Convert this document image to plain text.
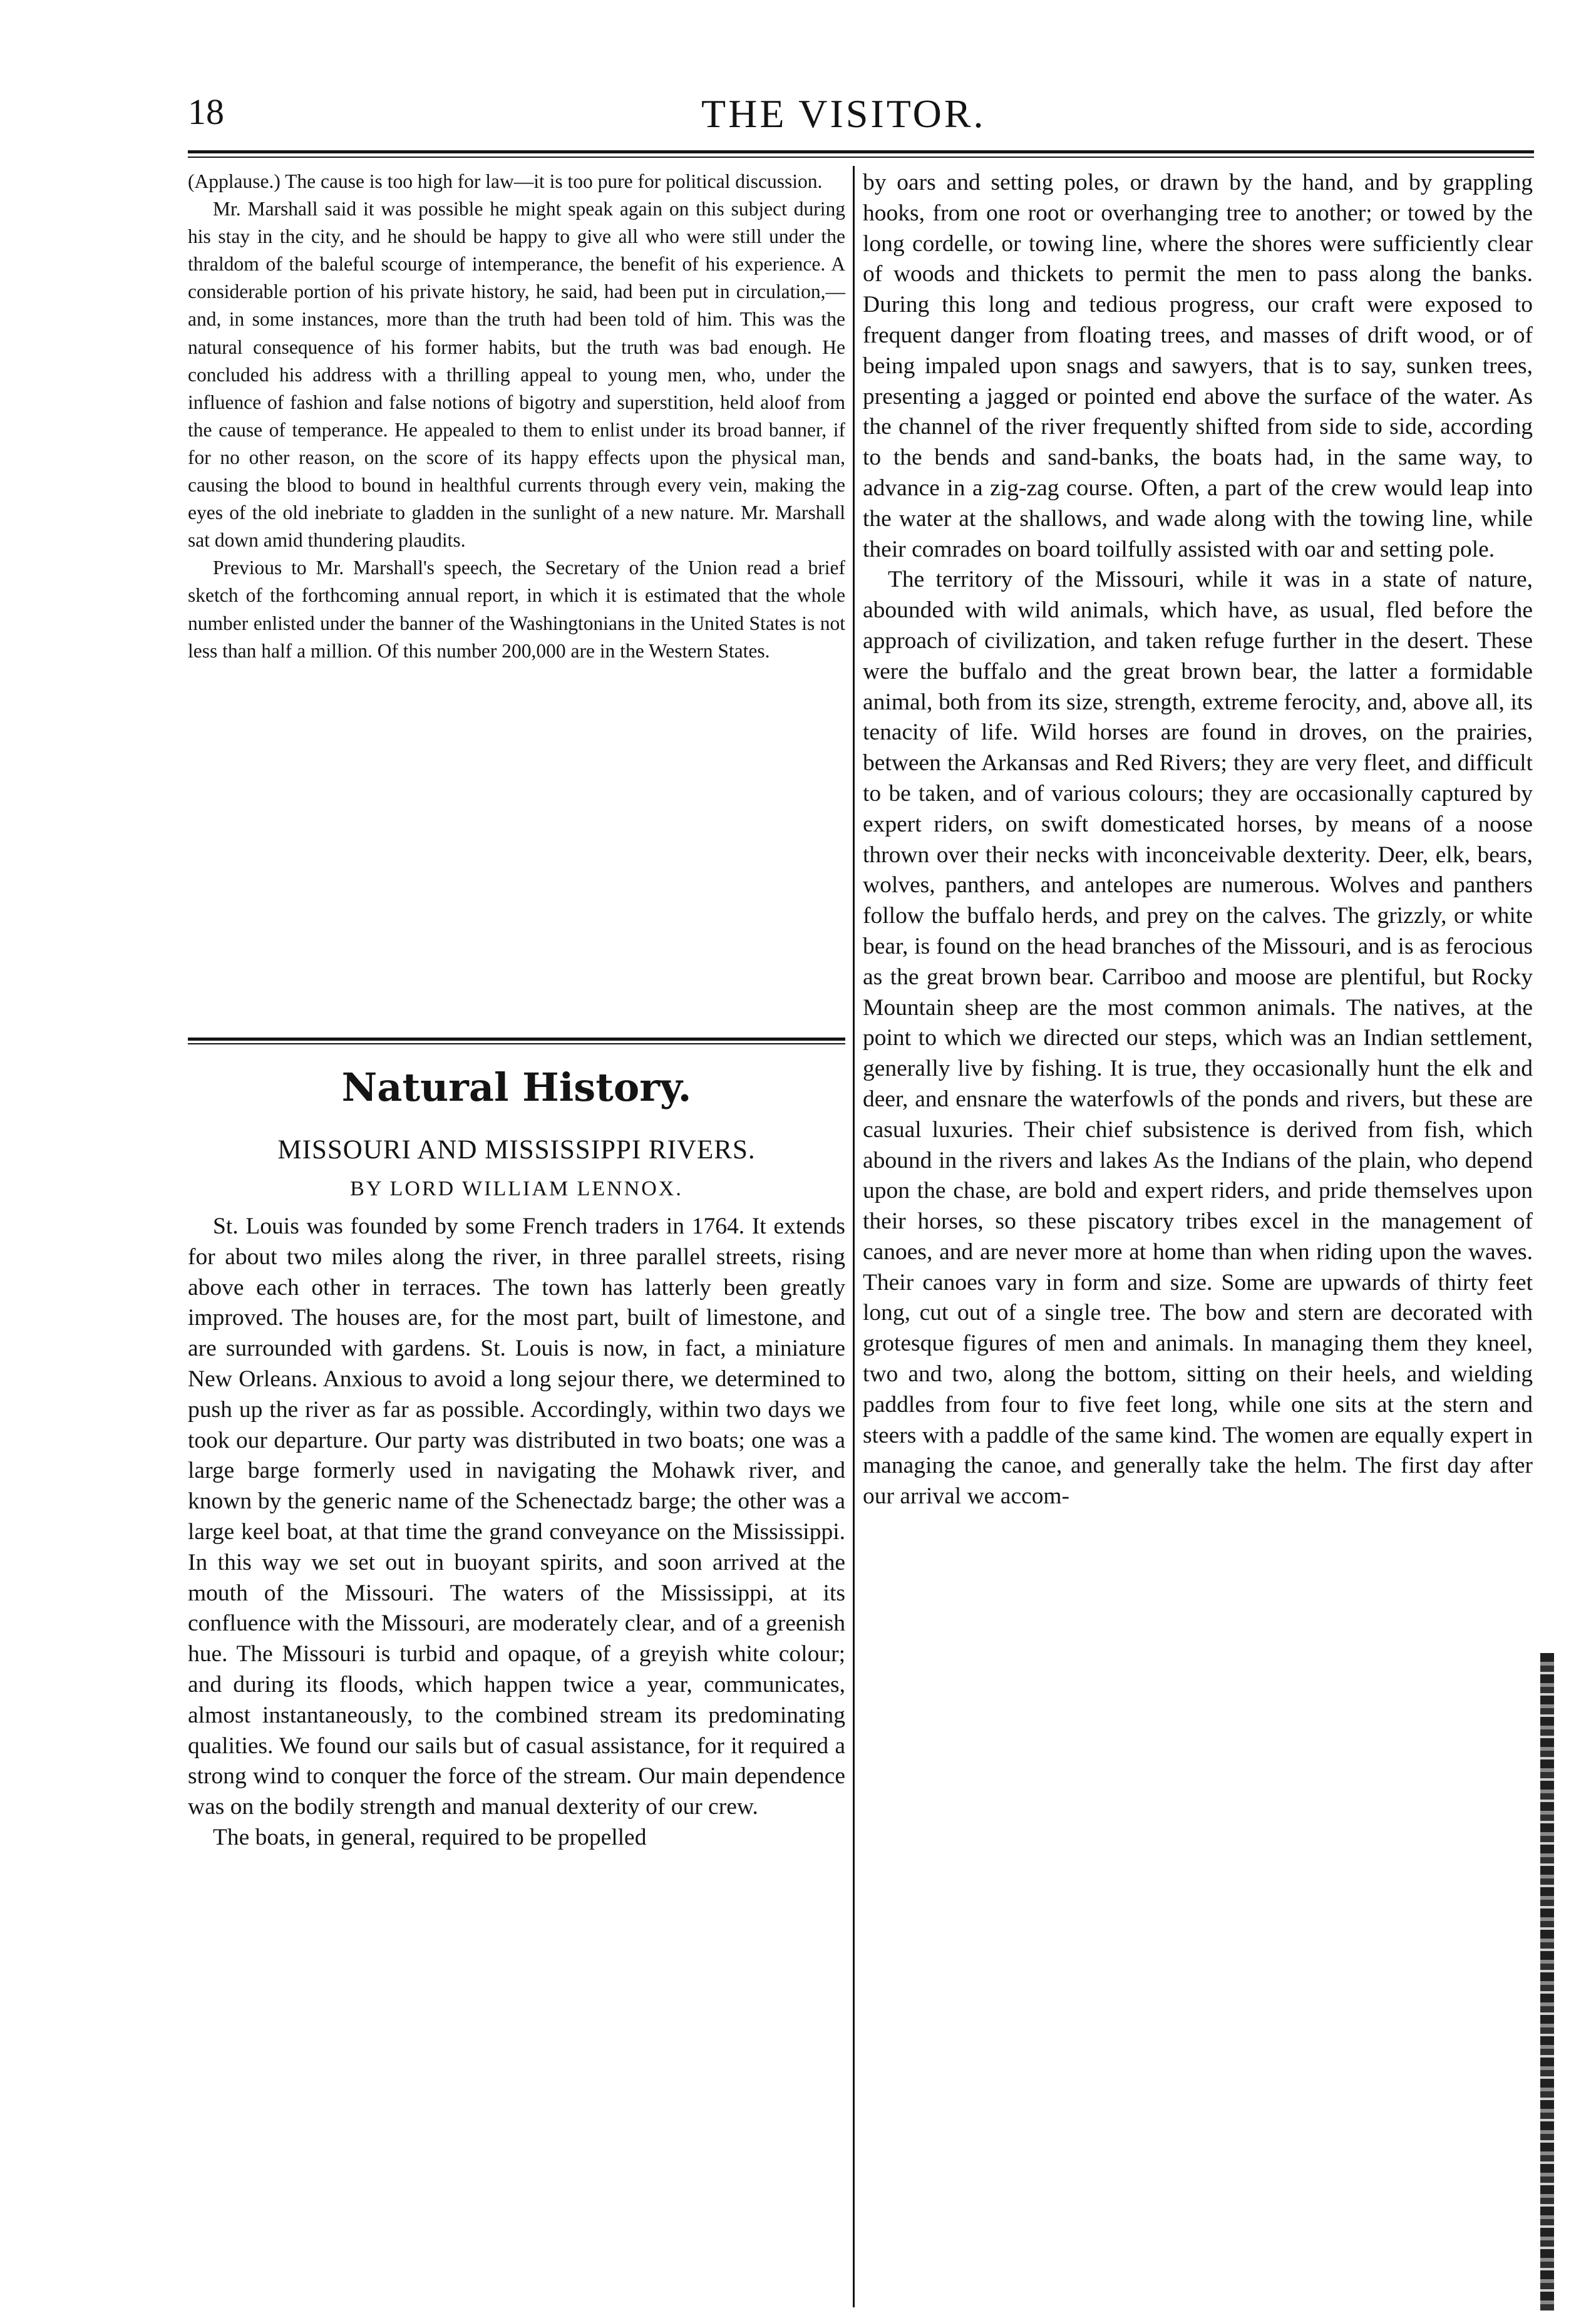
18	THE VISITOR.

(Applause.) The cause is too high for law—it is too pure for political discussion.

Mr. Marshall said it was possible he might speak again on this subject during his stay in the city, and he should be happy to give all who were still under the thraldom of the baleful scourge of intemperance, the benefit of his experience. A considerable portion of his private history, he said, had been put in circulation,—and, in some instances, more than the truth had been told of him. This was the natural consequence of his former habits, but the truth was bad enough. He concluded his address with a thrilling appeal to young men, who, under the influence of fashion and false notions of bigotry and superstition, held aloof from the cause of temperance. He appealed to them to enlist under its broad banner, if for no other reason, on the score of its happy effects upon the physical man, causing the blood to bound in healthful currents through every vein, making the eyes of the old inebriate to gladden in the sunlight of a new nature. Mr. Marshall sat down amid thundering plaudits.

Previous to Mr. Marshall's speech, the Secretary of the Union read a brief sketch of the forthcoming annual report, in which it is estimated that the whole number enlisted under the banner of the Washingtonians in the United States is not less than half a million. Of this number 200,000 are in the Western States.

Natural History.
MISSOURI AND MISSISSIPPI RIVERS.
BY LORD WILLIAM LENNOX.

St. Louis was founded by some French traders in 1764. It extends for about two miles along the river, in three parallel streets, rising above each other in terraces. The town has latterly been greatly improved. The houses are, for the most part, built of limestone, and are surrounded with gardens. St. Louis is now, in fact, a miniature New Orleans. Anxious to avoid a long sejour there, we determined to push up the river as far as possible. Accordingly, within two days we took our departure. Our party was distributed in two boats; one was a large barge formerly used in navigating the Mohawk river, and known by the generic name of the Schenectadz barge; the other was a large keel boat, at that time the grand conveyance on the Mississippi. In this way we set out in buoyant spirits, and soon arrived at the mouth of the Missouri. The waters of the Mississippi, at its confluence with the Missouri, are moderately clear, and of a greenish hue. The Missouri is turbid and opaque, of a greyish white colour; and during its floods, which happen twice a year, communicates, almost instantaneously, to the combined stream its predominating qualities. We found our sails but of casual assistance, for it required a strong wind to conquer the force of the stream. Our main dependence was on the bodily strength and manual dexterity of our crew.

The boats, in general, required to be propelled

by oars and setting poles, or drawn by the hand, and by grappling hooks, from one root or overhanging tree to another; or towed by the long cordelle, or towing line, where the shores were sufficiently clear of woods and thickets to permit the men to pass along the banks. During this long and tedious progress, our craft were exposed to frequent danger from floating trees, and masses of drift wood, or of being impaled upon snags and sawyers, that is to say, sunken trees, presenting a jagged or pointed end above the surface of the water. As the channel of the river frequently shifted from side to side, according to the bends and sand-banks, the boats had, in the same way, to advance in a zig-zag course. Often, a part of the crew would leap into the water at the shallows, and wade along with the towing line, while their comrades on board toilfully assisted with oar and setting pole.

The territory of the Missouri, while it was in a state of nature, abounded with wild animals, which have, as usual, fled before the approach of civilization, and taken refuge further in the desert. These were the buffalo and the great brown bear, the latter a formidable animal, both from its size, strength, extreme ferocity, and, above all, its tenacity of life. Wild horses are found in droves, on the prairies, between the Arkansas and Red Rivers; they are very fleet, and difficult to be taken, and of various colours; they are occasionally captured by expert riders, on swift domesticated horses, by means of a noose thrown over their necks with inconceivable dexterity. Deer, elk, bears, wolves, panthers, and antelopes are numerous. Wolves and panthers follow the buffalo herds, and prey on the calves. The grizzly, or white bear, is found on the head branches of the Missouri, and is as ferocious as the great brown bear. Carriboo and moose are plentiful, but Rocky Mountain sheep are the most common animals. The natives, at the point to which we directed our steps, which was an Indian settlement, generally live by fishing. It is true, they occasionally hunt the elk and deer, and ensnare the waterfowls of the ponds and rivers, but these are casual luxuries. Their chief subsistence is derived from fish, which abound in the rivers and lakes As the Indians of the plain, who depend upon the chase, are bold and expert riders, and pride themselves upon their horses, so these piscatory tribes excel in the management of canoes, and are never more at home than when riding upon the waves. Their canoes vary in form and size. Some are upwards of thirty feet long, cut out of a single tree. The bow and stern are decorated with grotesque figures of men and animals. In managing them they kneel, two and two, along the bottom, sitting on their heels, and wielding paddles from four to five feet long, while one sits at the stern and steers with a paddle of the same kind. The women are equally expert in managing the canoe, and generally take the helm. The first day after our arrival we accom-
